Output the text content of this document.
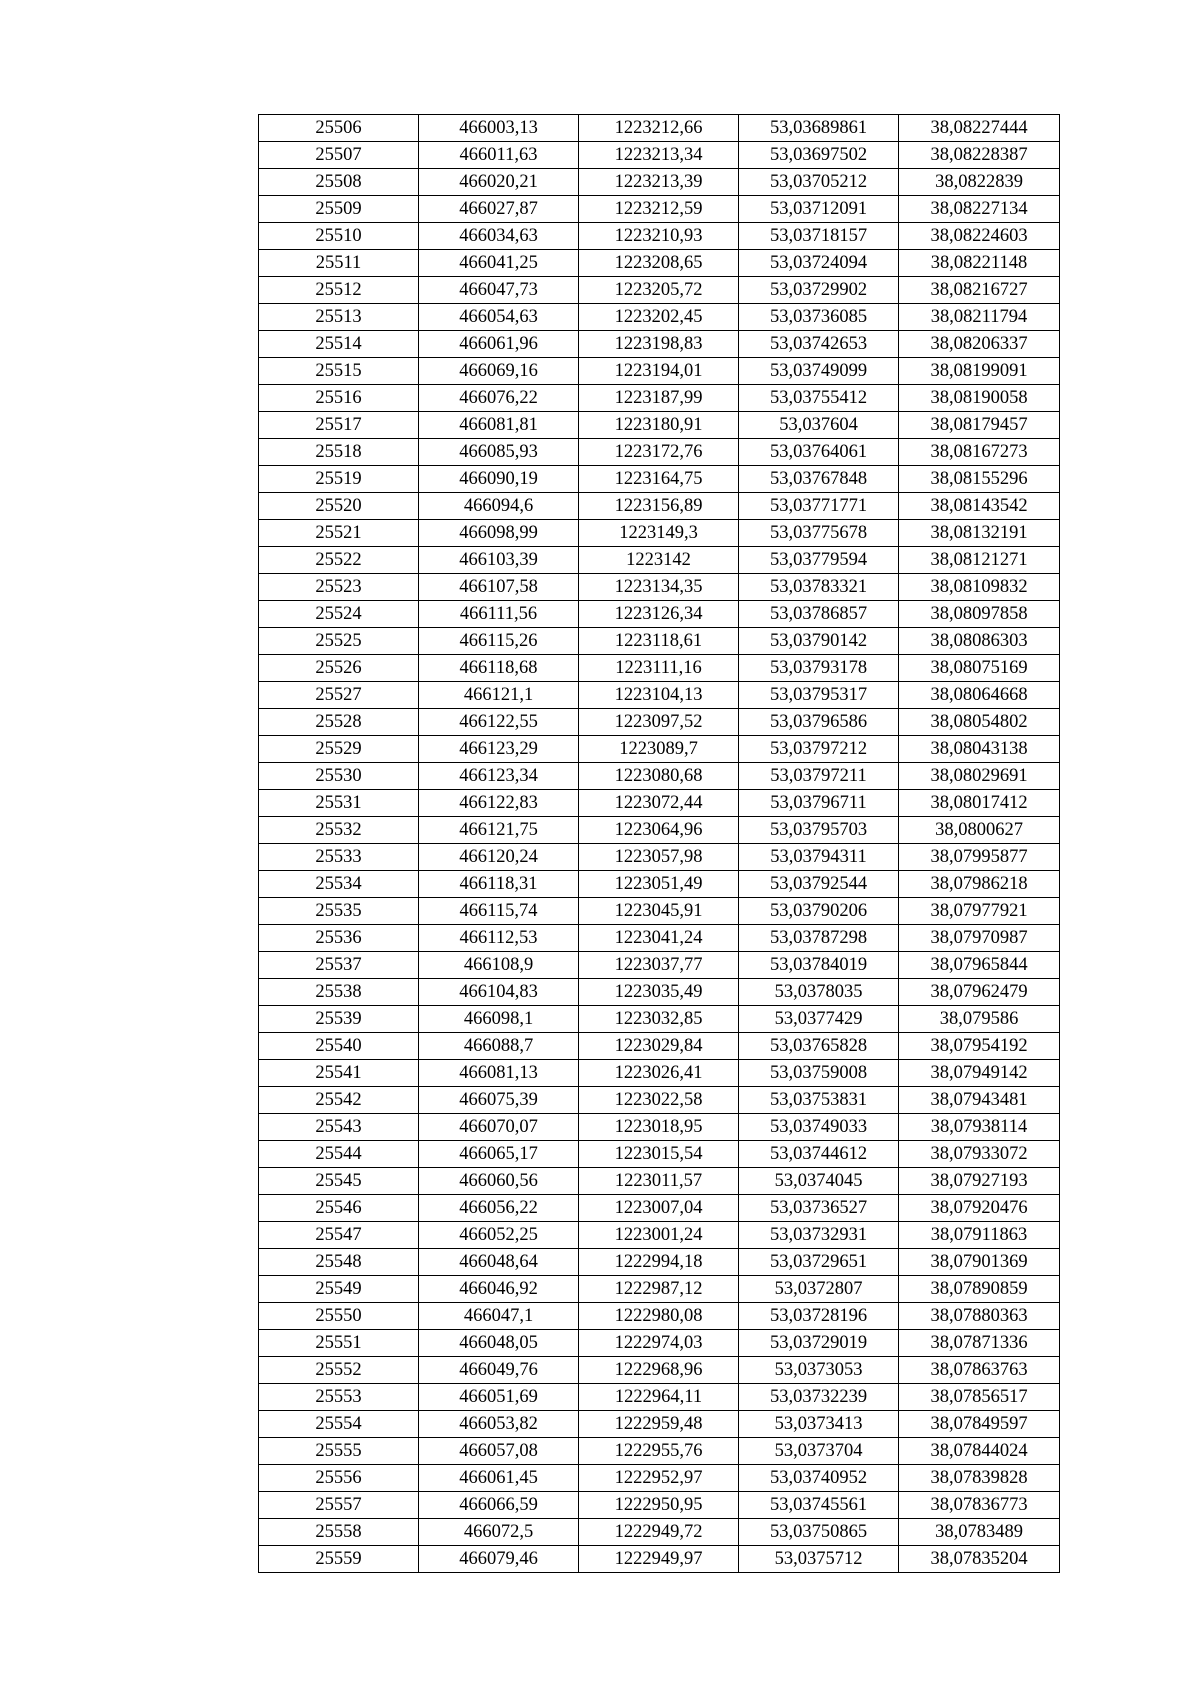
25506	466003,13	1223212,66	53,03689861	38,08227444
25507	466011,63	1223213,34	53,03697502	38,08228387
25508	466020,21	1223213,39	53,03705212	38,0822839
25509	466027,87	1223212,59	53,03712091	38,08227134
25510	466034,63	1223210,93	53,03718157	38,08224603
25511	466041,25	1223208,65	53,03724094	38,08221148
25512	466047,73	1223205,72	53,03729902	38,08216727
25513	466054,63	1223202,45	53,03736085	38,08211794
25514	466061,96	1223198,83	53,03742653	38,08206337
25515	466069,16	1223194,01	53,03749099	38,08199091
25516	466076,22	1223187,99	53,03755412	38,08190058
25517	466081,81	1223180,91	53,037604	38,08179457
25518	466085,93	1223172,76	53,03764061	38,08167273
25519	466090,19	1223164,75	53,03767848	38,08155296
25520	466094,6	1223156,89	53,03771771	38,08143542
25521	466098,99	1223149,3	53,03775678	38,08132191
25522	466103,39	1223142	53,03779594	38,08121271
25523	466107,58	1223134,35	53,03783321	38,08109832
25524	466111,56	1223126,34	53,03786857	38,08097858
25525	466115,26	1223118,61	53,03790142	38,08086303
25526	466118,68	1223111,16	53,03793178	38,08075169
25527	466121,1	1223104,13	53,03795317	38,08064668
25528	466122,55	1223097,52	53,03796586	38,08054802
25529	466123,29	1223089,7	53,03797212	38,08043138
25530	466123,34	1223080,68	53,03797211	38,08029691
25531	466122,83	1223072,44	53,03796711	38,08017412
25532	466121,75	1223064,96	53,03795703	38,0800627
25533	466120,24	1223057,98	53,03794311	38,07995877
25534	466118,31	1223051,49	53,03792544	38,07986218
25535	466115,74	1223045,91	53,03790206	38,07977921
25536	466112,53	1223041,24	53,03787298	38,07970987
25537	466108,9	1223037,77	53,03784019	38,07965844
25538	466104,83	1223035,49	53,0378035	38,07962479
25539	466098,1	1223032,85	53,0377429	38,079586
25540	466088,7	1223029,84	53,03765828	38,07954192
25541	466081,13	1223026,41	53,03759008	38,07949142
25542	466075,39	1223022,58	53,03753831	38,07943481
25543	466070,07	1223018,95	53,03749033	38,07938114
25544	466065,17	1223015,54	53,03744612	38,07933072
25545	466060,56	1223011,57	53,0374045	38,07927193
25546	466056,22	1223007,04	53,03736527	38,07920476
25547	466052,25	1223001,24	53,03732931	38,07911863
25548	466048,64	1222994,18	53,03729651	38,07901369
25549	466046,92	1222987,12	53,0372807	38,07890859
25550	466047,1	1222980,08	53,03728196	38,07880363
25551	466048,05	1222974,03	53,03729019	38,07871336
25552	466049,76	1222968,96	53,0373053	38,07863763
25553	466051,69	1222964,11	53,03732239	38,07856517
25554	466053,82	1222959,48	53,0373413	38,07849597
25555	466057,08	1222955,76	53,0373704	38,07844024
25556	466061,45	1222952,97	53,03740952	38,07839828
25557	466066,59	1222950,95	53,03745561	38,07836773
25558	466072,5	1222949,72	53,03750865	38,0783489
25559	466079,46	1222949,97	53,0375712	38,07835204
